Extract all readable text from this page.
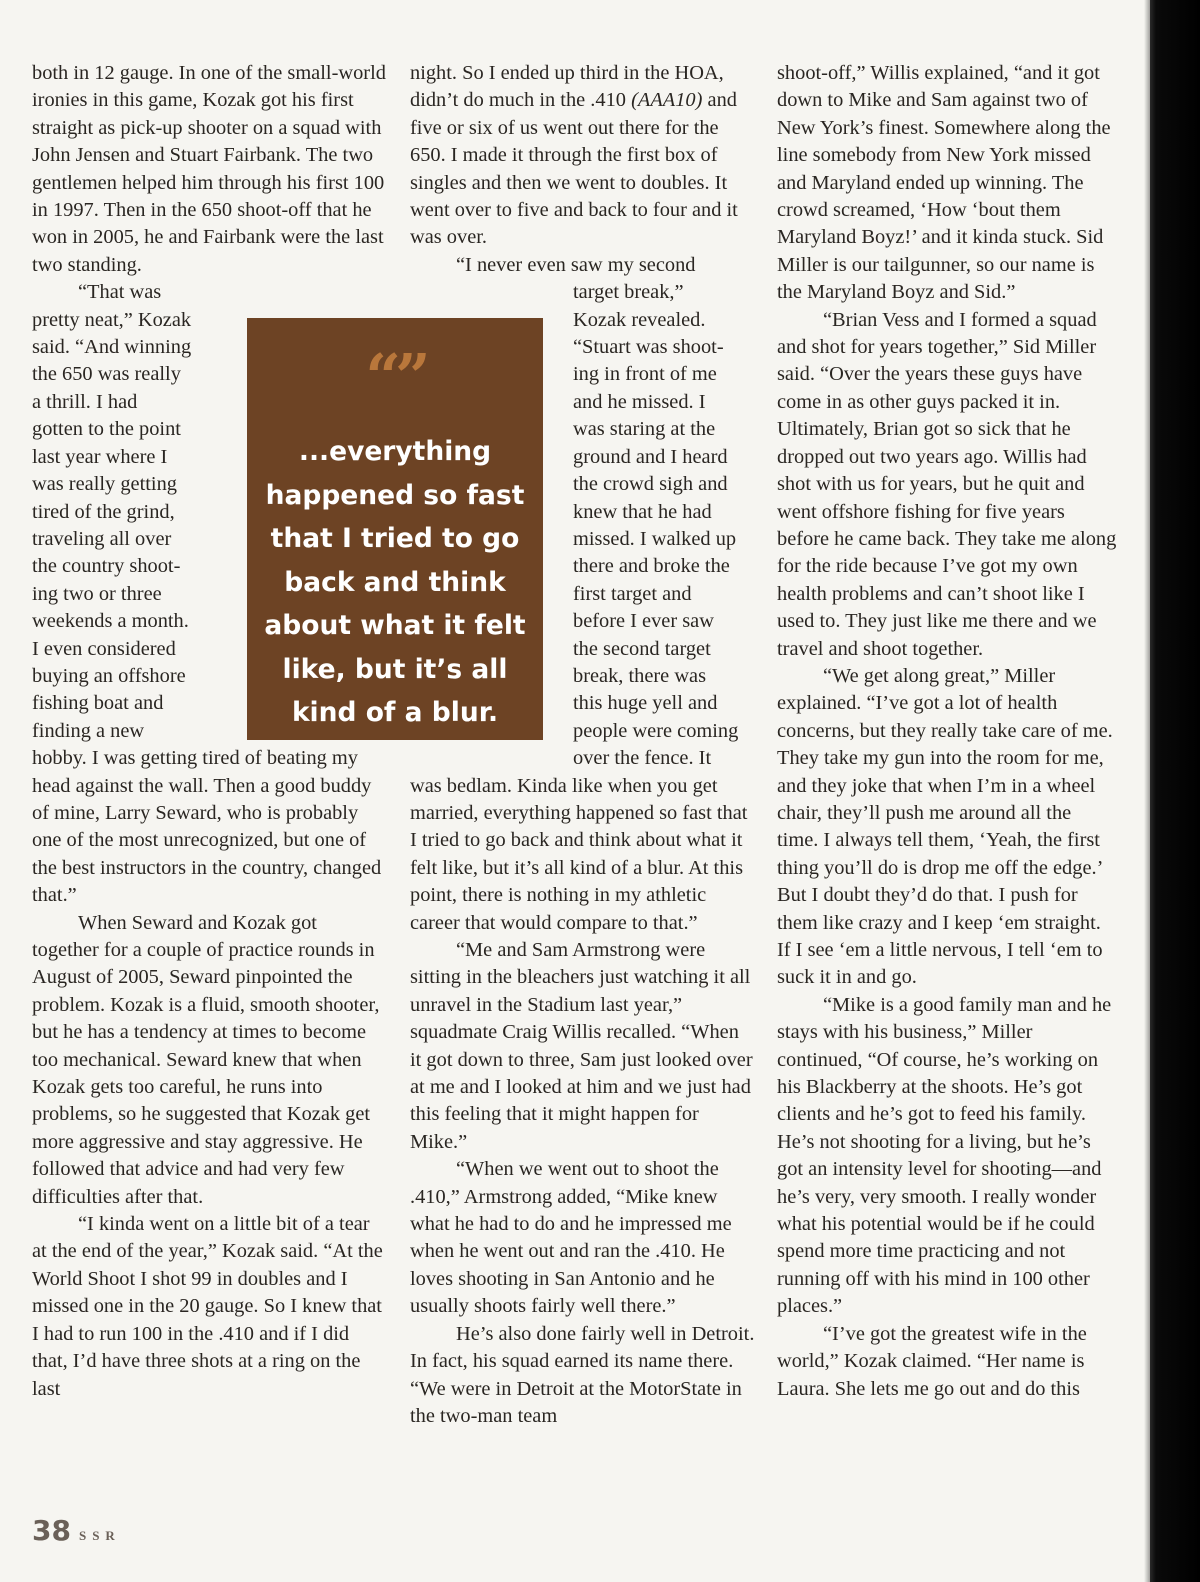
both in 12 gauge. In one of the small-world ironies in this game, Kozak got his first straight as pick-up shooter on a squad with John Jensen and Stuart Fairbank. The two gentlemen helped him through his first 100 in 1997. Then in the 650 shoot-off that he won in 2005, he and Fairbank were the last two standing.

“That was
pretty neat,” Kozak
said. “And winning
the 650 was really
a thrill. I had
gotten to the point
last year where I
was really getting
tired of the grind,
traveling all over
the country shoot-
ing two or three
weekends a month.
I even considered
buying an offshore
fishing boat and
finding a new
hobby. I was getting tired of beating my head against the wall. Then a good buddy of mine, Larry Seward, who is probably one of the most unrecognized, but one of the best instructors in the country, changed that.”

When Seward and Kozak got together for a couple of practice rounds in August of 2005, Seward pinpointed the problem. Kozak is a fluid, smooth shooter, but he has a tendency at times to become too mechanical. Seward knew that when Kozak gets too careful, he runs into problems, so he suggested that Kozak get more aggressive and stay aggressive. He followed that advice and had very few difficulties after that.

“I kinda went on a little bit of a tear at the end of the year,” Kozak said. “At the World Shoot I shot 99 in doubles and I missed one in the 20 gauge. So I knew that I had to run 100 in the .410 and if I did that, I’d have three shots at a ring on the last

night. So I ended up third in the HOA, didn’t do much in the .410 (AAA10) and five or six of us went out there for the 650. I made it through the first box of singles and then we went to doubles. It went over to five and back to four and it was over.

“I never even saw my second

target break,”
Kozak revealed.
“Stuart was shoot-
ing in front of me
and he missed. I
was staring at the
ground and I heard
the crowd sigh and
knew that he had
missed. I walked up
there and broke the
first target and
before I ever saw
the second target
break, there was
this huge yell and
people were coming
over the fence. It

was bedlam. Kinda like when you get married, everything happened so fast that I tried to go back and think about what it felt like, but it’s all kind of a blur. At this point, there is nothing in my athletic career that would compare to that.”

“Me and Sam Armstrong were sitting in the bleachers just watching it all unravel in the Stadium last year,” squadmate Craig Willis recalled. “When it got down to three, Sam just looked over at me and I looked at him and we just had this feeling that it might happen for Mike.”

“When we went out to shoot the .410,” Armstrong added, “Mike knew what he had to do and he impressed me when he went out and ran the .410. He loves shooting in San Antonio and he usually shoots fairly well there.”

He’s also done fairly well in Detroit. In fact, his squad earned its name there. “We were in Detroit at the MotorState in the two-man team

shoot-off,” Willis explained, “and it got down to Mike and Sam against two of New York’s finest. Somewhere along the line somebody from New York missed and Maryland ended up winning. The crowd screamed, ‘How ‘bout them Maryland Boyz!’ and it kinda stuck. Sid Miller is our tailgunner, so our name is the Maryland Boyz and Sid.”

“Brian Vess and I formed a squad and shot for years together,” Sid Miller said. “Over the years these guys have come in as other guys packed it in. Ultimately, Brian got so sick that he dropped out two years ago. Willis had shot with us for years, but he quit and went offshore fishing for five years before he came back. They take me along for the ride because I’ve got my own health problems and can’t shoot like I used to. They just like me there and we travel and shoot together.

“We get along great,” Miller explained. “I’ve got a lot of health concerns, but they really take care of me. They take my gun into the room for me, and they joke that when I’m in a wheel chair, they’ll push me around all the time. I always tell them, ‘Yeah, the first thing you’ll do is drop me off the edge.’ But I doubt they’d do that. I push for them like crazy and I keep ‘em straight. If I see ‘em a little nervous, I tell ‘em to suck it in and go.

“Mike is a good family man and he stays with his business,” Miller continued, “Of course, he’s working on his Blackberry at the shoots. He’s got clients and he’s got to feed his family. He’s not shooting for a living, but he’s got an intensity level for shooting—and he’s very, very smooth. I really wonder what his potential would be if he could spend more time practicing and not running off with his mind in 100 other places.”

“I’ve got the greatest wife in the world,” Kozak claimed. “Her name is Laura. She lets me go out and do this

“”
...everything happened so fast that I tried to go back and think about what it felt like, but it’s all kind of a blur.
38 SSR
